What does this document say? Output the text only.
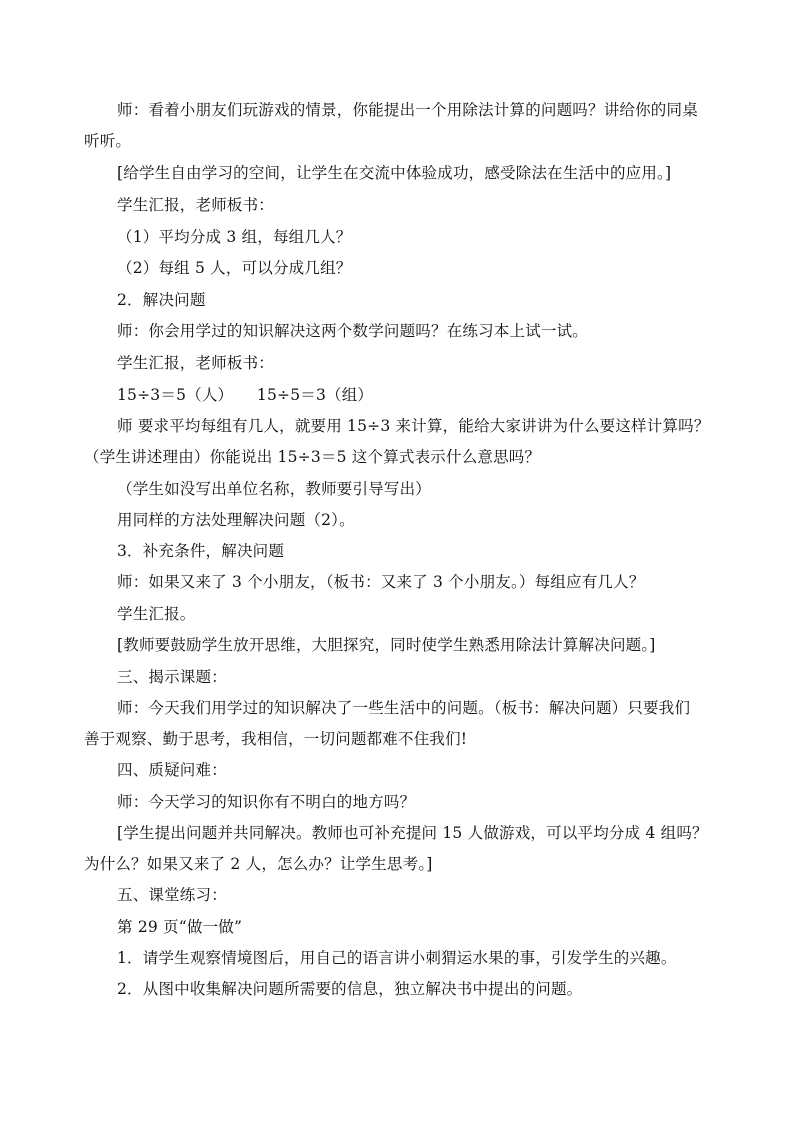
师：看着小朋友们玩游戏的情景，你能提出一个用除法计算的问题吗？讲给你的同桌
听听。
[给学生自由学习的空间，让学生在交流中体验成功，感受除法在生活中的应用。]
学生汇报，老师板书：
（1）平均分成 3 组，每组几人？
（2）每组 5 人，可以分成几组？
2．解决问题
师：你会用学过的知识解决这两个数学问题吗？在练习本上试一试。
学生汇报，老师板书：
15÷3＝5（人）　　15÷5＝3（组）
师 要求平均每组有几人，就要用 15÷3 来计算，能给大家讲讲为什么要这样计算吗？
（学生讲述理由）你能说出 15÷3＝5 这个算式表示什么意思吗？
（学生如没写出单位名称，教师要引导写出）
用同样的方法处理解决问题（2）。
3．补充条件，解决问题
师：如果又来了 3 个小朋友，（板书：又来了 3 个小朋友。）每组应有几人？
学生汇报。
[教师要鼓励学生放开思维，大胆探究，同时使学生熟悉用除法计算解决问题。]
三、揭示课题：
师：今天我们用学过的知识解决了一些生活中的问题。（板书：解决问题）只要我们
善于观察、勤于思考，我相信，一切问题都难不住我们!
四、质疑问难：
师：今天学习的知识你有不明白的地方吗？
[学生提出问题并共同解决。教师也可补充提问 15 人做游戏，可以平均分成 4 组吗？
为什么？如果又来了 2 人，怎么办？让学生思考。]
五、课堂练习：
第 29 页“做一做”
1．请学生观察情境图后，用自己的语言讲小刺猬运水果的事，引发学生的兴趣。
2．从图中收集解决问题所需要的信息，独立解决书中提出的问题。
